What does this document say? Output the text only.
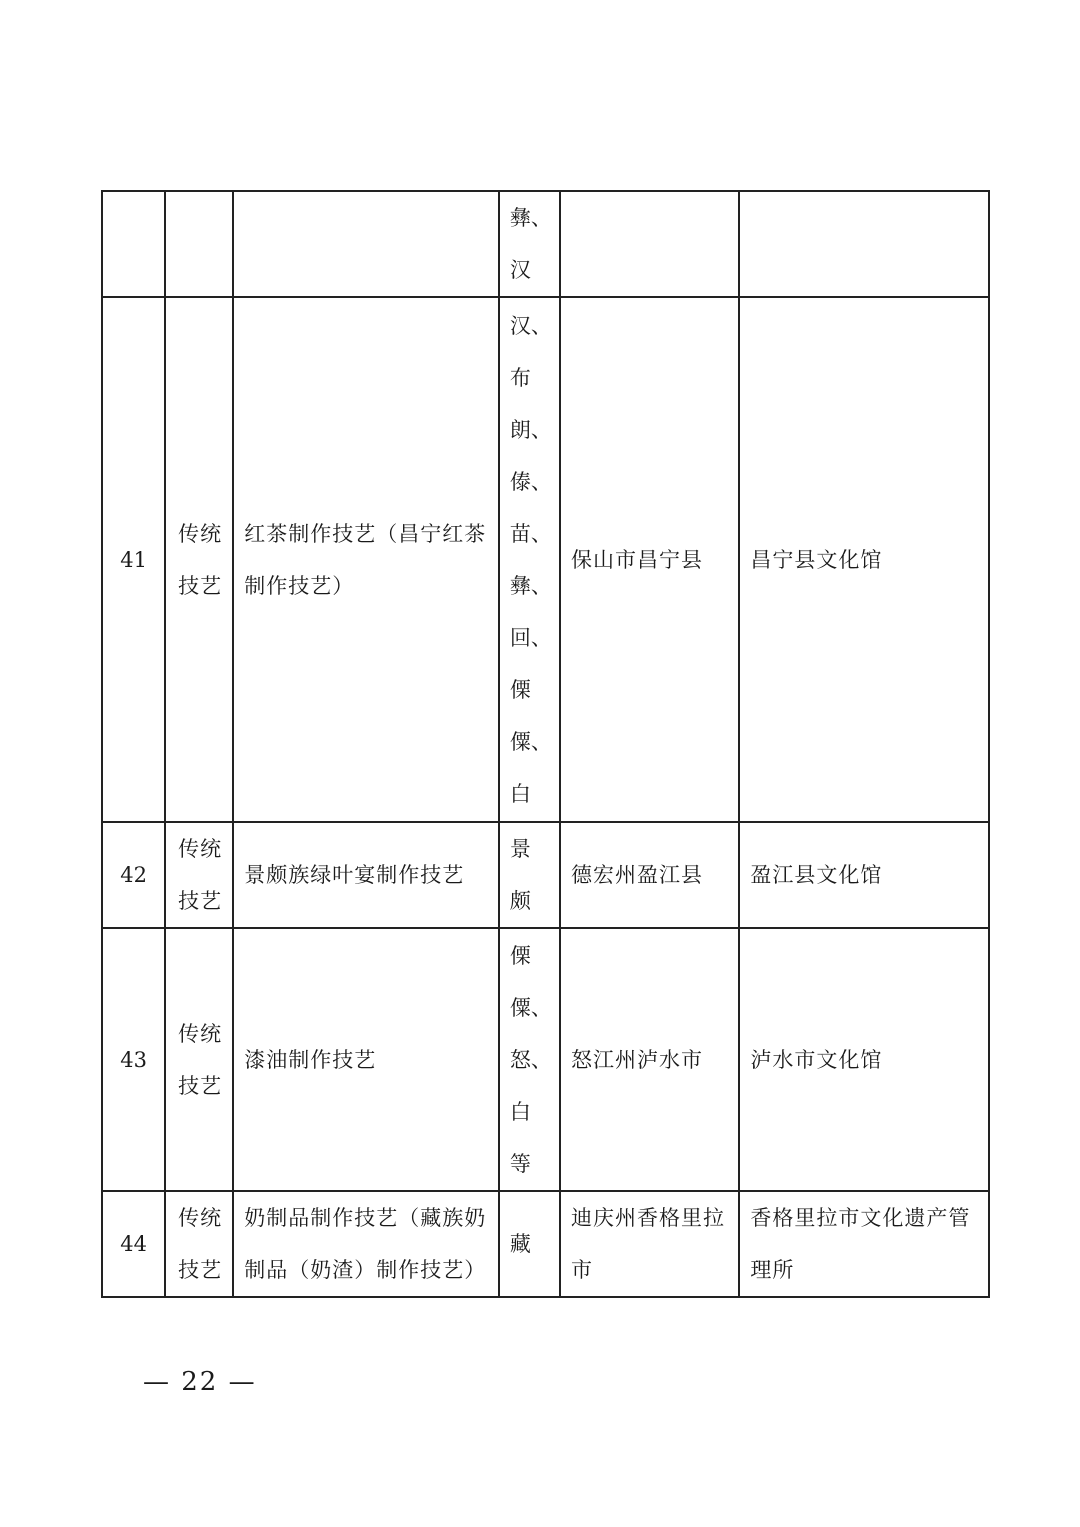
			彝、汉		

41	传统技艺	红茶制作技艺（昌宁红茶制作技艺）	汉、布朗、傣、苗、彝、回、傈僳、白	保山市昌宁县	昌宁县文化馆

42	传统技艺	景颇族绿叶宴制作技艺	景颇	德宏州盈江县	盈江县文化馆

43	传统技艺	漆油制作技艺	傈僳、怒、白等	怒江州泸水市	泸水市文化馆

44	传统技艺	奶制品制作技艺（藏族奶制品（奶渣）制作技艺）	藏	迪庆州香格里拉市	香格里拉市文化遗产管理所
— 22 —
